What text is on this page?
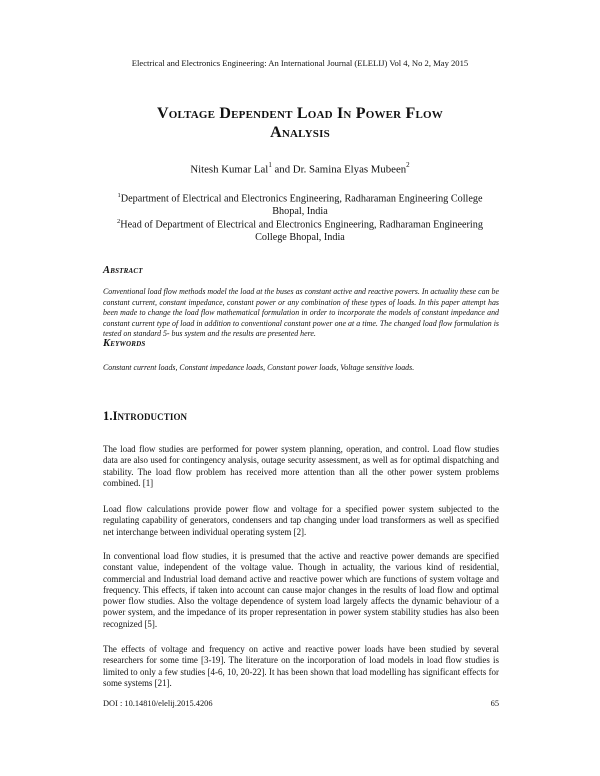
Electrical and Electronics Engineering: An International Journal (ELELIJ) Vol 4, No 2, May 2015
Voltage Dependent Load In Power Flow
Analysis
Nitesh Kumar Lal$^1$ and Dr. Samina Elyas Mubeen$^2$
$^1$Department of Electrical and Electronics Engineering, Radharaman Engineering College
Bhopal, India
$^2$Head of Department of Electrical and Electronics Engineering, Radharaman Engineering
College Bhopal, India
Abstract
Conventional load flow methods model the load at the buses as constant active and reactive powers. In actuality these can be constant current, constant impedance, constant power or any combination of these types of loads. In this paper attempt has been made to change the load flow mathematical formulation in order to incorporate the models of constant impedance and constant current type of load in addition to conventional constant power one at a time. The changed load flow formulation is tested on standard 5- bus system and the results are presented here.
Keywords
Constant current loads, Constant impedance loads, Constant power loads, Voltage sensitive loads.
1.Introduction
The load flow studies are performed for power system planning, operation, and control. Load flow studies data are also used for contingency analysis, outage security assessment, as well as for optimal dispatching and stability. The load flow problem has received more attention than all the other power system problems combined. [1]
Load flow calculations provide power flow and voltage for a specified power system subjected to the regulating capability of generators, condensers and tap changing under load transformers as well as specified net interchange between individual operating system [2].
In conventional load flow studies, it is presumed that the active and reactive power demands are specified constant value, independent of the voltage value. Though in actuality, the various kind of residential, commercial and Industrial load demand active and reactive power which are functions of system voltage and frequency. This effects, if taken into account can cause major changes in the results of load flow and optimal power flow studies. Also the voltage dependence of system load largely affects the dynamic behaviour of a power system, and the impedance of its proper representation in power system stability studies has also been recognized [5].
The effects of voltage and frequency on active and reactive power loads have been studied by several researchers for some time [3-19]. The literature on the incorporation of load models in load flow studies is limited to only a few studies [4-6, 10, 20-22]. It has been shown that load modelling has significant effects for some systems [21].
DOI : 10.14810/elelij.2015.4206	65
